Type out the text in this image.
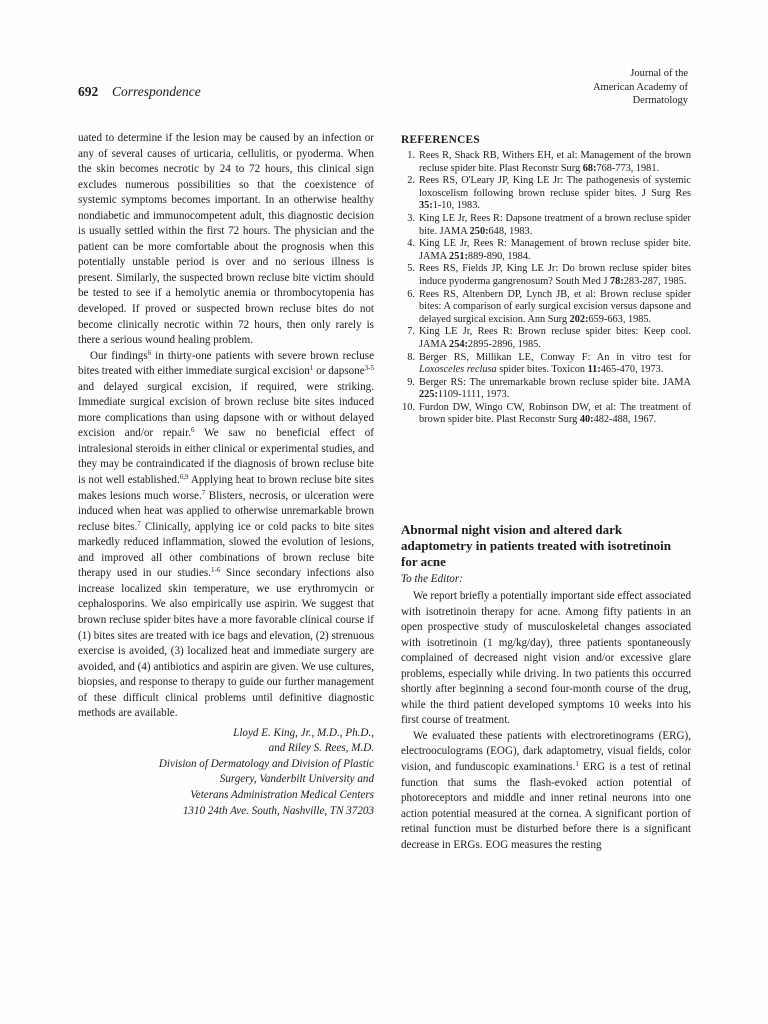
692 Correspondence
Journal of the
American Academy of
Dermatology

uated to determine if the lesion may be caused by an infection or any of several causes of urticaria, cellulitis, or pyoderma. When the skin becomes necrotic by 24 to 72 hours, this clinical sign excludes numerous possibilities so that the coexistence of systemic symptoms becomes important. In an otherwise healthy nondiabetic and immunocompetent adult, this diagnostic decision is usually settled within the first 72 hours. The physician and the patient can be more comfortable about the prognosis when this potentially unstable period is over and no serious illness is present. Similarly, the suspected brown recluse bite victim should be tested to see if a hemolytic anemia or thrombocytopenia has developed. If proved or suspected brown recluse bites do not become clinically necrotic within 72 hours, then only rarely is there a serious wound healing problem.

Our findings$^6$ in thirty-one patients with severe brown recluse bites treated with either immediate surgical excision$^1$ or dapsone$^{3-5}$ and delayed surgical excision, if required, were striking. Immediate surgical excision of brown recluse bite sites induced more complications than using dapsone with or without delayed excision and/or repair.$^6$ We saw no beneficial effect of intralesional steroids in either clinical or experimental studies, and they may be contraindicated if the diagnosis of brown recluse bite is not well established.$^{6,9}$ Applying heat to brown recluse bite sites makes lesions much worse.$^7$ Blisters, necrosis, or ulceration were induced when heat was applied to otherwise unremarkable brown recluse bites.$^7$ Clinically, applying ice or cold packs to bite sites markedly reduced inflammation, slowed the evolution of lesions, and improved all other combinations of brown recluse bite therapy used in our studies.$^{1-6}$ Since secondary infections also increase localized skin temperature, we use erythromycin or cephalosporins. We also empirically use aspirin. We suggest that brown recluse spider bites have a more favorable clinical course if (1) bites sites are treated with ice bags and elevation, (2) strenuous exercise is avoided, (3) localized heat and immediate surgery are avoided, and (4) antibiotics and aspirin are given. We use cultures, biopsies, and response to therapy to guide our further management of these difficult clinical problems until definitive diagnostic methods are available.

Lloyd E. King, Jr., M.D., Ph.D.,
and Riley S. Rees, M.D.
Division of Dermatology and Division of Plastic
Surgery, Vanderbilt University and
Veterans Administration Medical Centers
1310 24th Ave. South, Nashville, TN 37203
REFERENCES
1. Rees R, Shack RB, Withers EH, et al: Management of the brown recluse spider bite. Plast Reconstr Surg 68:768-773, 1981.
2. Rees RS, O'Leary JP, King LE Jr: The pathogenesis of systemic loxoscelism following brown recluse spider bites. J Surg Res 35:1-10, 1983.
3. King LE Jr, Rees R: Dapsone treatment of a brown recluse spider bite. JAMA 250:648, 1983.
4. King LE Jr, Rees R: Management of brown recluse spider bite. JAMA 251:889-890, 1984.
5. Rees RS, Fields JP, King LE Jr: Do brown recluse spider bites induce pyoderma gangrenosum? South Med J 78:283-287, 1985.
6. Rees RS, Altenbern DP, Lynch JB, et al: Brown recluse spider bites: A comparison of early surgical excision versus dapsone and delayed surgical excision. Ann Surg 202:659-663, 1985.
7. King LE Jr, Rees R: Brown recluse spider bites: Keep cool. JAMA 254:2895-2896, 1985.
8. Berger RS, Millikan LE, Conway F: An in vitro test for Loxosceles reclusa spider bites. Toxicon 11:465-470, 1973.
9. Berger RS: The unremarkable brown recluse spider bite. JAMA 225:1109-1111, 1973.
10. Furdon DW, Wingo CW, Robinson DW, et al: The treatment of brown spider bite. Plast Reconstr Surg 40:482-488, 1967.
Abnormal night vision and altered dark adaptometry in patients treated with isotretinoin for acne
To the Editor:

We report briefly a potentially important side effect associated with isotretinoin therapy for acne. Among fifty patients in an open prospective study of musculoskeletal changes associated with isotretinoin (1 mg/kg/day), three patients spontaneously complained of decreased night vision and/or excessive glare problems, especially while driving. In two patients this occurred shortly after beginning a second four-month course of the drug, while the third patient developed symptoms 10 weeks into his first course of treatment.

We evaluated these patients with electroretinograms (ERG), electrooculograms (EOG), dark adaptometry, visual fields, color vision, and funduscopic examinations.$^1$ ERG is a test of retinal function that sums the flash-evoked action potential of photoreceptors and middle and inner retinal neurons into one action potential measured at the cornea. A significant portion of retinal function must be disturbed before there is a significant decrease in ERGs. EOG measures the resting
